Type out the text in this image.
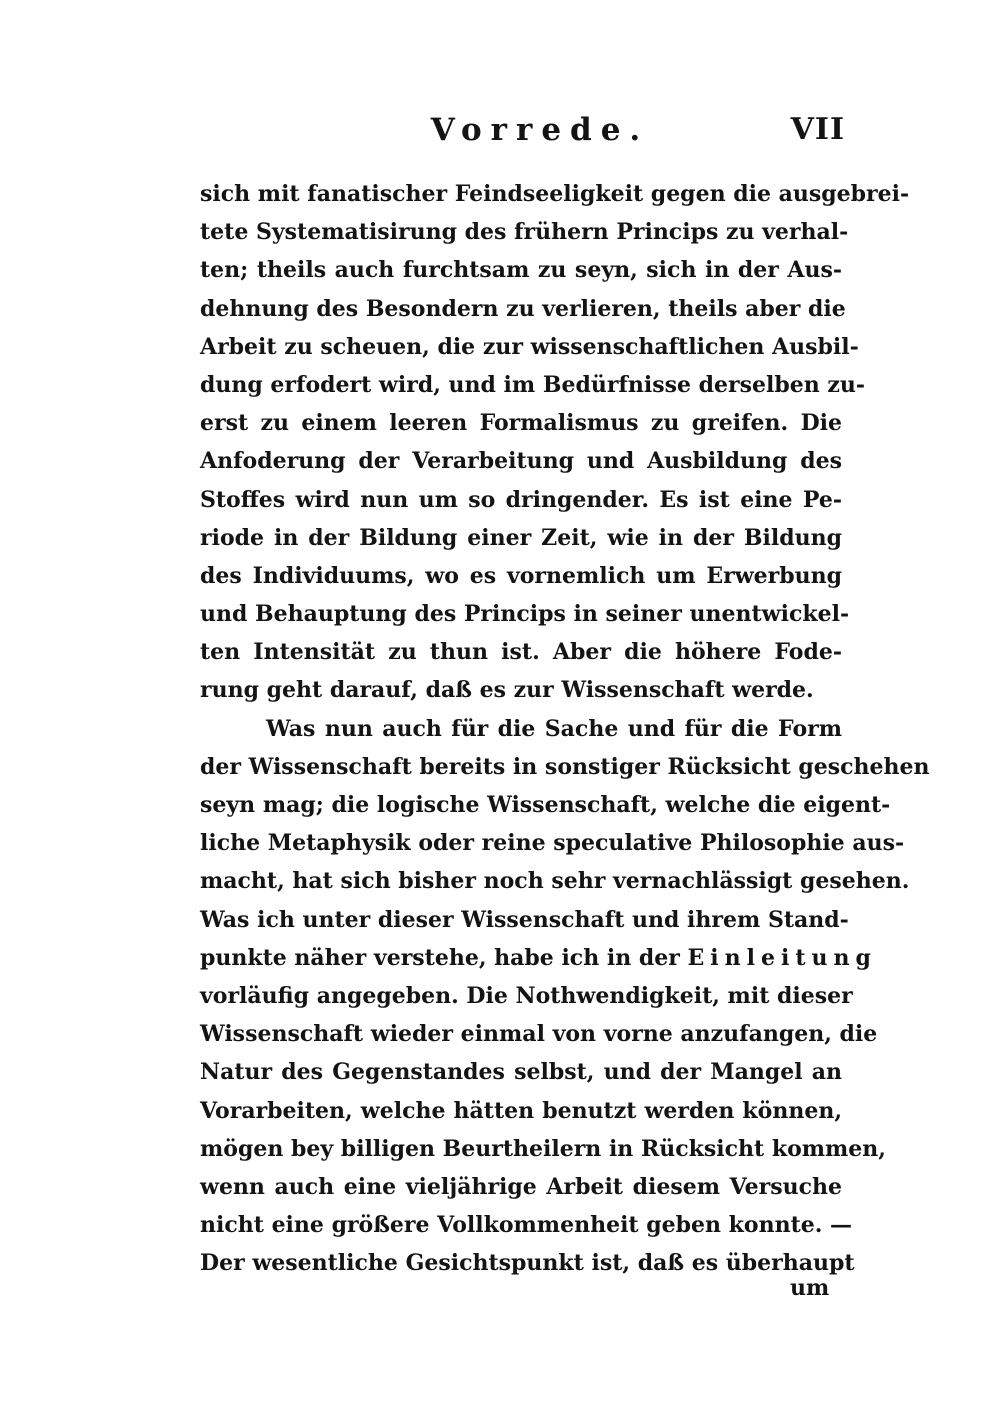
Vorrede.	VII
sich mit fanatischer Feindseeligkeit gegen die ausgebrei-
tete Systematisirung des frühern Princips zu verhal-
ten; theils auch furchtsam zu seyn, sich in der Aus-
dehnung des Besondern zu verlieren, theils aber die
Arbeit zu scheuen, die zur wissenschaftlichen Ausbil-
dung erfodert wird, und im Bedürfnisse derselben zu-
erst zu einem leeren Formalismus zu greifen. Die
Anfoderung der Verarbeitung und Ausbildung des
Stoffes wird nun um so dringender. Es ist eine Pe-
riode in der Bildung einer Zeit, wie in der Bildung
des Individuums, wo es vornemlich um Erwerbung
und Behauptung des Princips in seiner unentwickel-
ten Intensität zu thun ist. Aber die höhere Fode-
rung geht darauf, daß es zur Wissenschaft werde.
Was nun auch für die Sache und für die Form
der Wissenschaft bereits in sonstiger Rücksicht geschehen
seyn mag; die logische Wissenschaft, welche die eigent-
liche Metaphysik oder reine speculative Philosophie aus-
macht, hat sich bisher noch sehr vernachlässigt gesehen.
Was ich unter dieser Wissenschaft und ihrem Stand-
punkte näher verstehe, habe ich in der Einleitung
vorläufig angegeben. Die Nothwendigkeit, mit dieser
Wissenschaft wieder einmal von vorne anzufangen, die
Natur des Gegenstandes selbst, und der Mangel an
Vorarbeiten, welche hätten benutzt werden können,
mögen bey billigen Beurtheilern in Rücksicht kommen,
wenn auch eine vieljährige Arbeit diesem Versuche
nicht eine größere Vollkommenheit geben konnte. —
Der wesentliche Gesichtspunkt ist, daß es überhaupt
um
